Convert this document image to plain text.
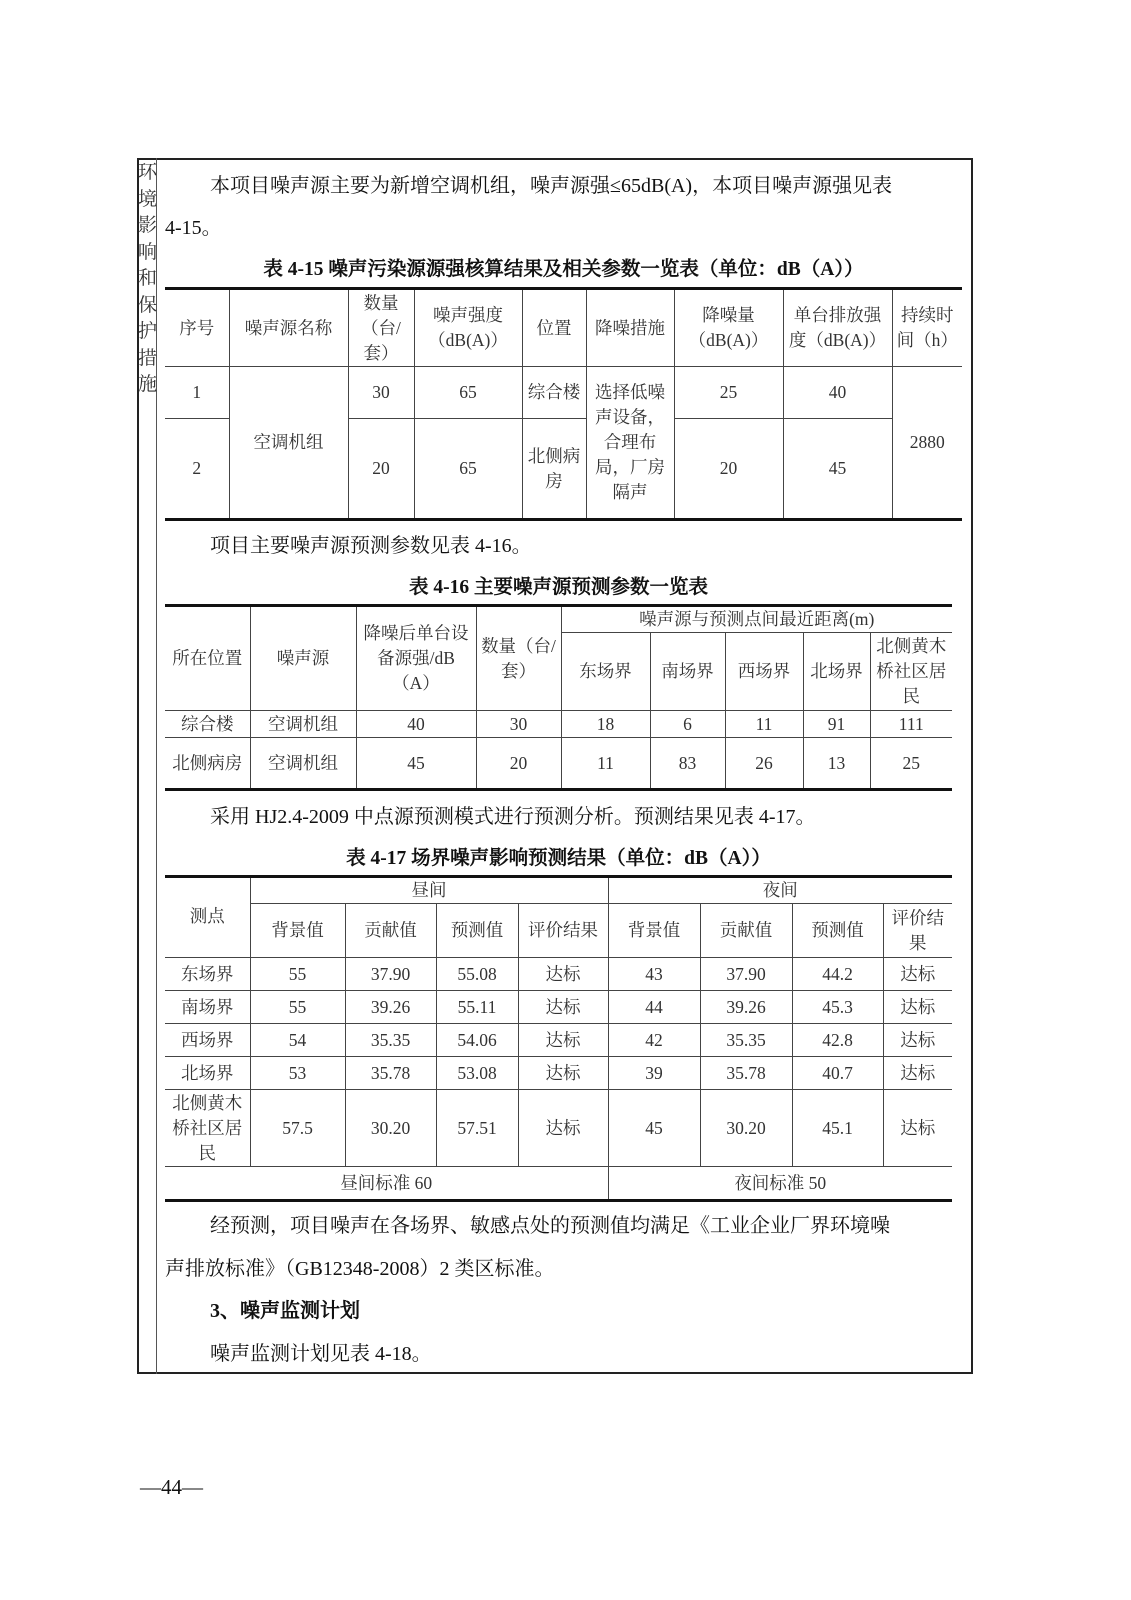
环境影响和保护措施
本项目噪声源主要为新增空调机组，噪声源强≤65dB(A)，本项目噪声源强见表
4-15。
表 4-15 噪声污染源源强核算结果及相关参数一览表（单位：dB（A））
序号	噪声源名称	数量（台/套）	噪声强度（dB(A)）	位置	降噪措施	降噪量（dB(A)）	单台排放强度（dB(A)）	持续时间（h）
1	空调机组	30	65	综合楼	选择低噪声设备，合理布局，厂房隔声	25	40	2880
2		20	65	北侧病房		20	45	
项目主要噪声源预测参数见表 4-16。
表 4-16 主要噪声源预测参数一览表
所在位置	噪声源	降噪后单台设备源强/dB（A）	数量（台/套）	噪声源与预测点间最近距离(m)				
				东场界	南场界	西场界	北场界	北侧黄木桥社区居民
综合楼	空调机组	40	30	18	6	11	91	111
北侧病房	空调机组	45	20	11	83	26	13	25
采用 HJ2.4-2009 中点源预测模式进行预测分析。预测结果见表 4-17。
表 4-17 场界噪声影响预测结果（单位：dB（A））
测点	昼间				夜间			
	背景值	贡献值	预测值	评价结果	背景值	贡献值	预测值	评价结果
东场界	55	37.90	55.08	达标	43	37.90	44.2	达标
南场界	55	39.26	55.11	达标	44	39.26	45.3	达标
西场界	54	35.35	54.06	达标	42	35.35	42.8	达标
北场界	53	35.78	53.08	达标	39	35.78	40.7	达标
北侧黄木桥社区居民	57.5	30.20	57.51	达标	45	30.20	45.1	达标
昼间标准 60					夜间标准 50			
经预测，项目噪声在各场界、敏感点处的预测值均满足《工业企业厂界环境噪
声排放标准》（GB12348-2008）2 类区标准。
3、噪声监测计划
噪声监测计划见表 4-18。
—44—
